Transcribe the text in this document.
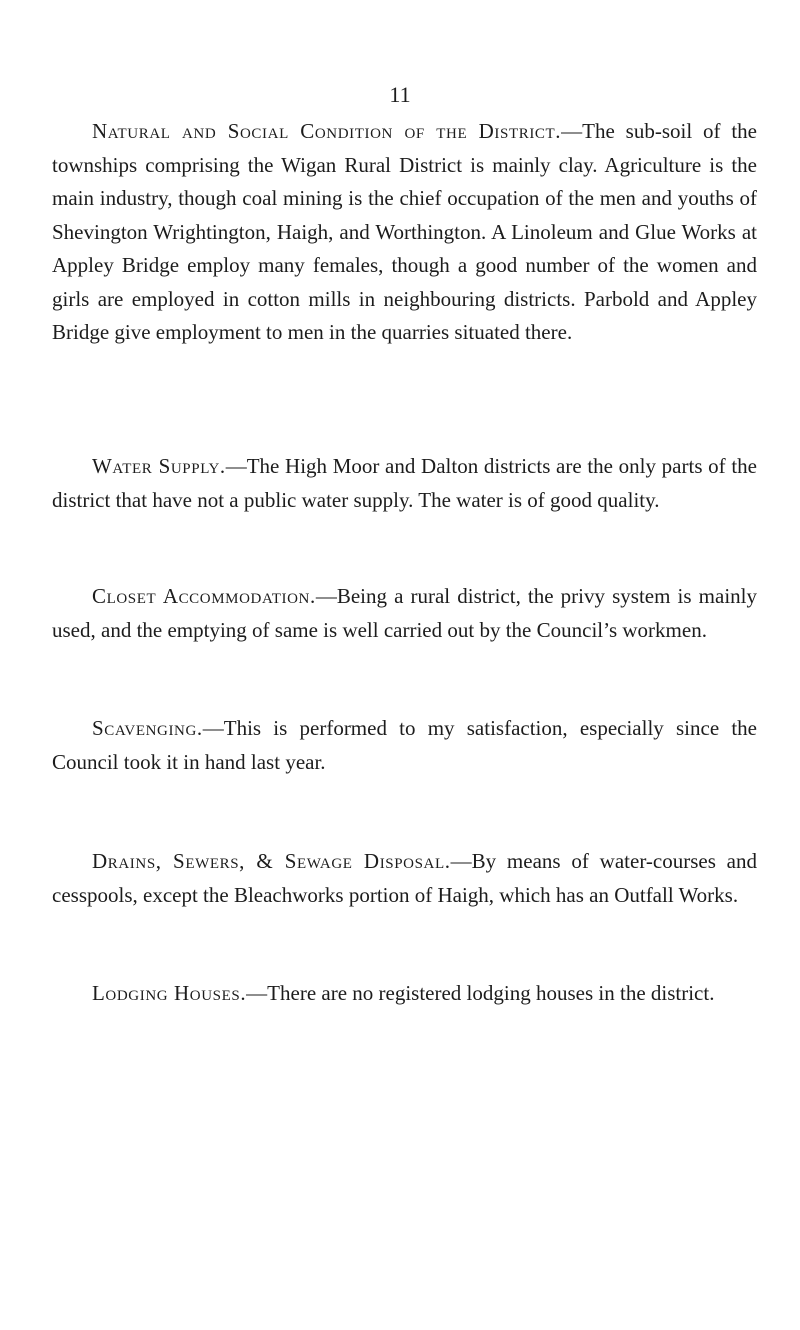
11

Natural and Social Condition of the District.—The sub-soil of the townships comprising the Wigan Rural District is mainly clay. Agriculture is the main industry, though coal mining is the chief occupation of the men and youths of Shevington Wrightington, Haigh, and Worthington. A Linoleum and Glue Works at Appley Bridge employ many females, though a good number of the women and girls are employed in cotton mills in neighbouring districts. Parbold and Appley Bridge give employment to men in the quarries situated there.

Water Supply.—The High Moor and Dalton districts are the only parts of the district that have not a public water supply. The water is of good quality.

Closet Accommodation.—Being a rural district, the privy system is mainly used, and the emptying of same is well carried out by the Council’s workmen.

Scavenging.—This is performed to my satisfaction, especially since the Council took it in hand last year.

Drains, Sewers, & Sewage Disposal.—By means of water-courses and cesspools, except the Bleachworks portion of Haigh, which has an Outfall Works.

Lodging Houses.—There are no registered lodging houses in the district.
